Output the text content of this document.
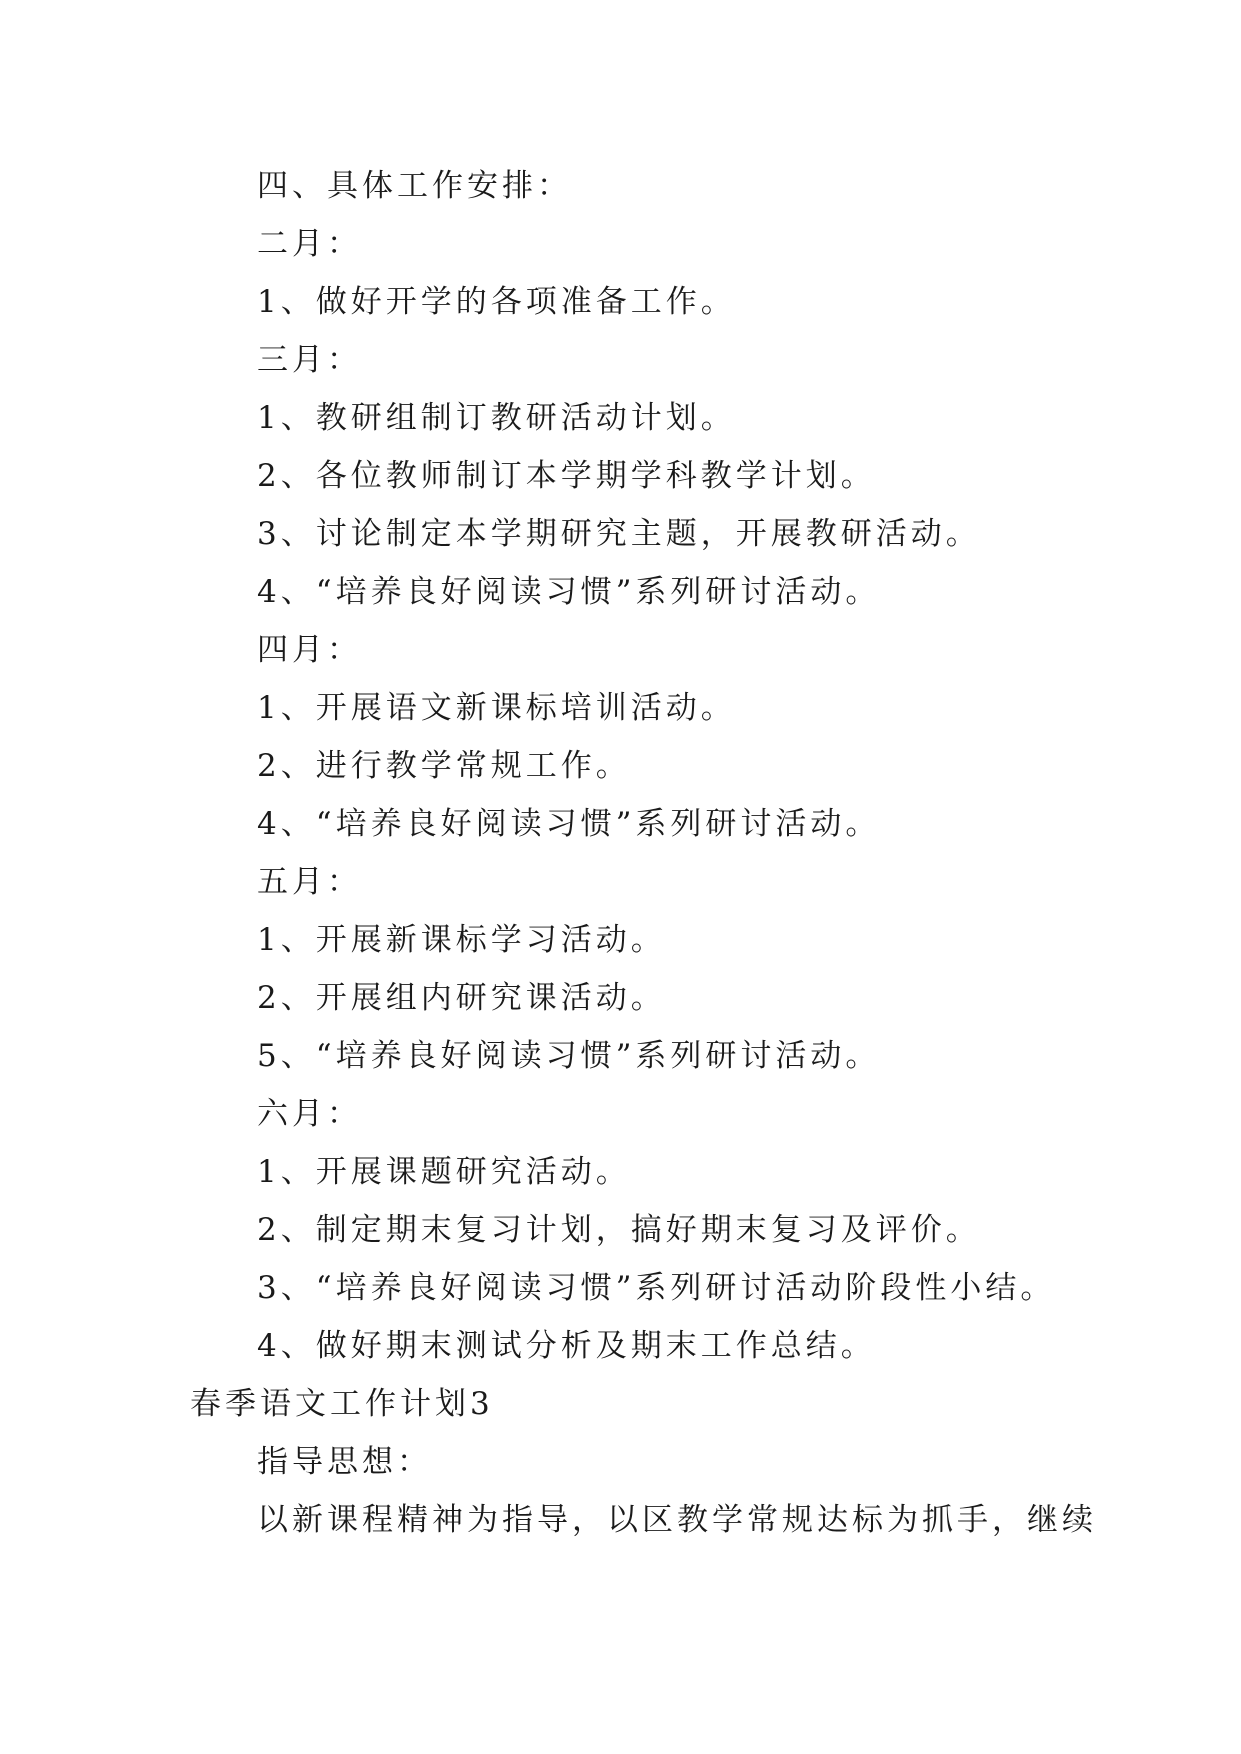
四、具体工作安排：
二月：
1、做好开学的各项准备工作。
三月：
1、教研组制订教研活动计划。
2、各位教师制订本学期学科教学计划。
3、讨论制定本学期研究主题，开展教研活动。
4、“培养良好阅读习惯”系列研讨活动。
四月：
1、开展语文新课标培训活动。
2、进行教学常规工作。
4、“培养良好阅读习惯”系列研讨活动。
五月：
1、开展新课标学习活动。
2、开展组内研究课活动。
5、“培养良好阅读习惯”系列研讨活动。
六月：
1、开展课题研究活动。
2、制定期末复习计划，搞好期末复习及评价。
3、“培养良好阅读习惯”系列研讨活动阶段性小结。
4、做好期末测试分析及期末工作总结。
春季语文工作计划3
指导思想：
以新课程精神为指导，以区教学常规达标为抓手，继续
